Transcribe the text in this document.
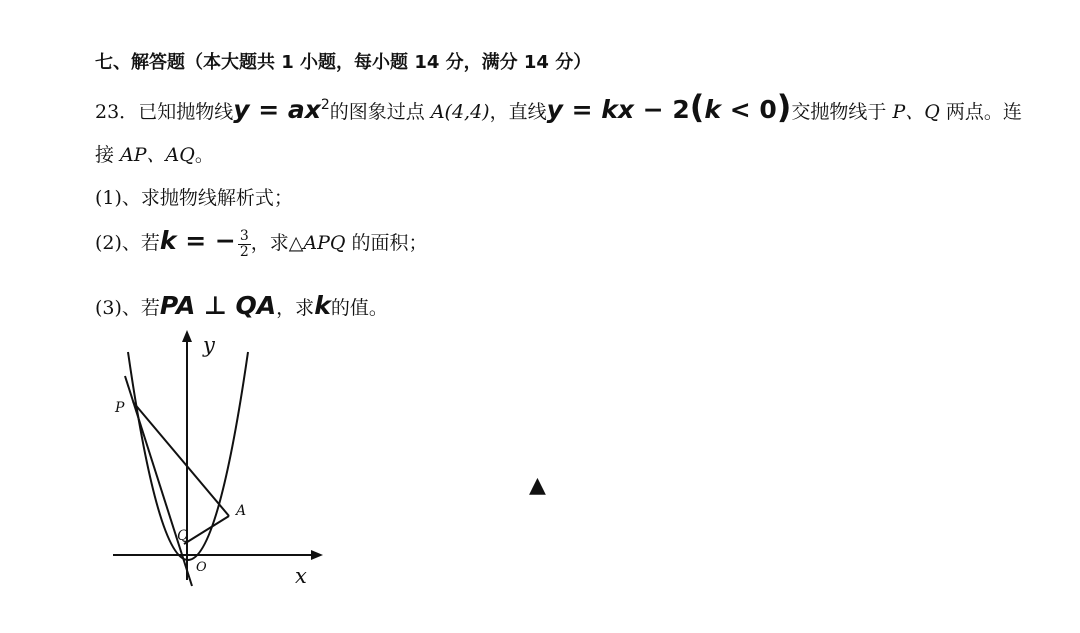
七、解答题（本大题共 1 小题，每小题 14 分，满分 14 分）
23．已知抛物线$y = ax^2$的图象过点 A(4,4)，直线y = kx − 2(k < 0)交抛物线于 P、Q 两点。连
接 AP、AQ。
(1)、求抛物线解析式；
(2)、若k = − $\frac{3}{2}$ ，求△APQ 的面积；
(3)、若PA ⊥ QA，求k的值。
y
x
P
A
Q
O
▲
